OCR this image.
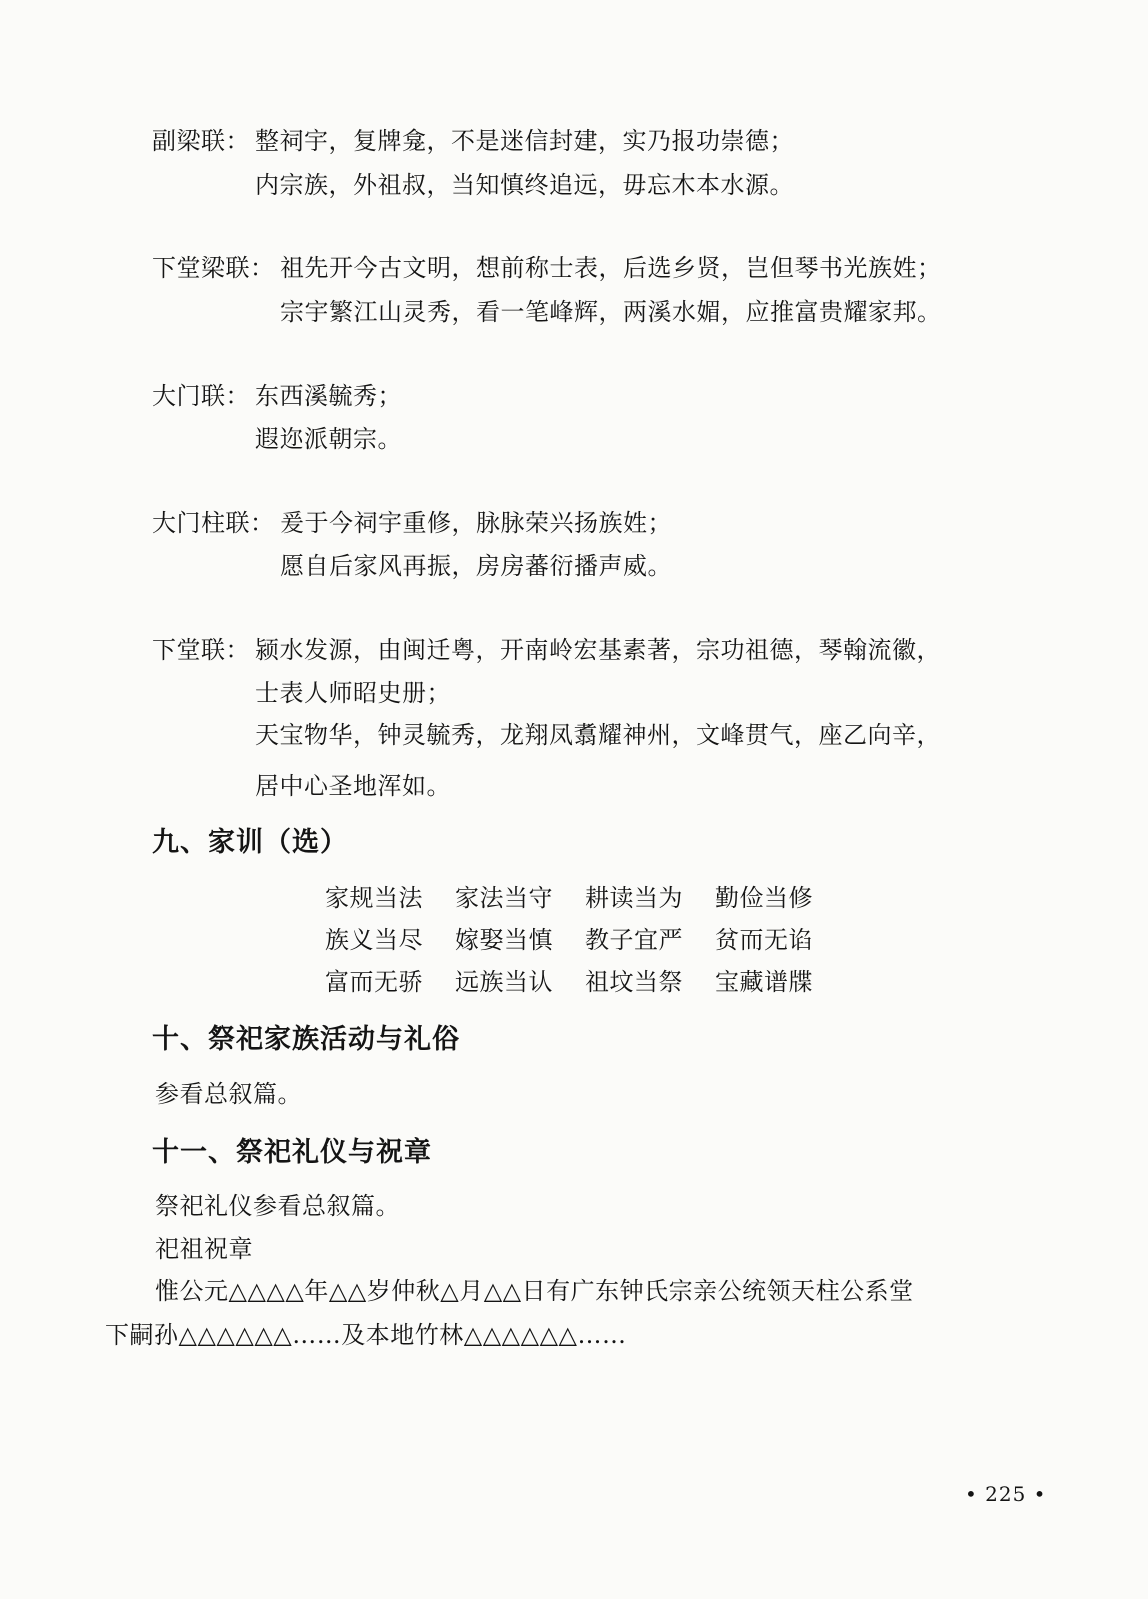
副梁联： 整祠宇，复牌龛，不是迷信封建，实乃报功崇德；
内宗族，外祖叔，当知慎终追远，毋忘木本水源。
下堂梁联： 祖先开今古文明，想前称士表，后选乡贤，岂但琴书光族姓；
宗宇繁江山灵秀，看一笔峰辉，两溪水媚，应推富贵耀家邦。
大门联： 东西溪毓秀；
遐迩派朝宗。
大门柱联： 爰于今祠宇重修，脉脉荣兴扬族姓；
愿自后家风再振，房房蕃衍播声威。
下堂联： 颍水发源，由闽迁粤，开南岭宏基素著，宗功祖德，琴翰流徽，
士表人师昭史册；
天宝物华，钟灵毓秀，龙翔凤翥耀神州，文峰贯气，座乙向辛，
居中心圣地浑如。
九、家训（选）
家规当法 家法当守 耕读当为 勤俭当修
族义当尽 嫁娶当慎 教子宜严 贫而无谄
富而无骄 远族当认 祖坟当祭 宝藏谱牒
十、祭祀家族活动与礼俗
参看总叙篇。
十一、祭祀礼仪与祝章
祭祀礼仪参看总叙篇。
祀祖祝章
惟公元△△△△年△△岁仲秋△月△△日有广东钟氏宗亲公统领天柱公系堂
下嗣孙△△△△△△……及本地竹林△△△△△△……
• 225 •
